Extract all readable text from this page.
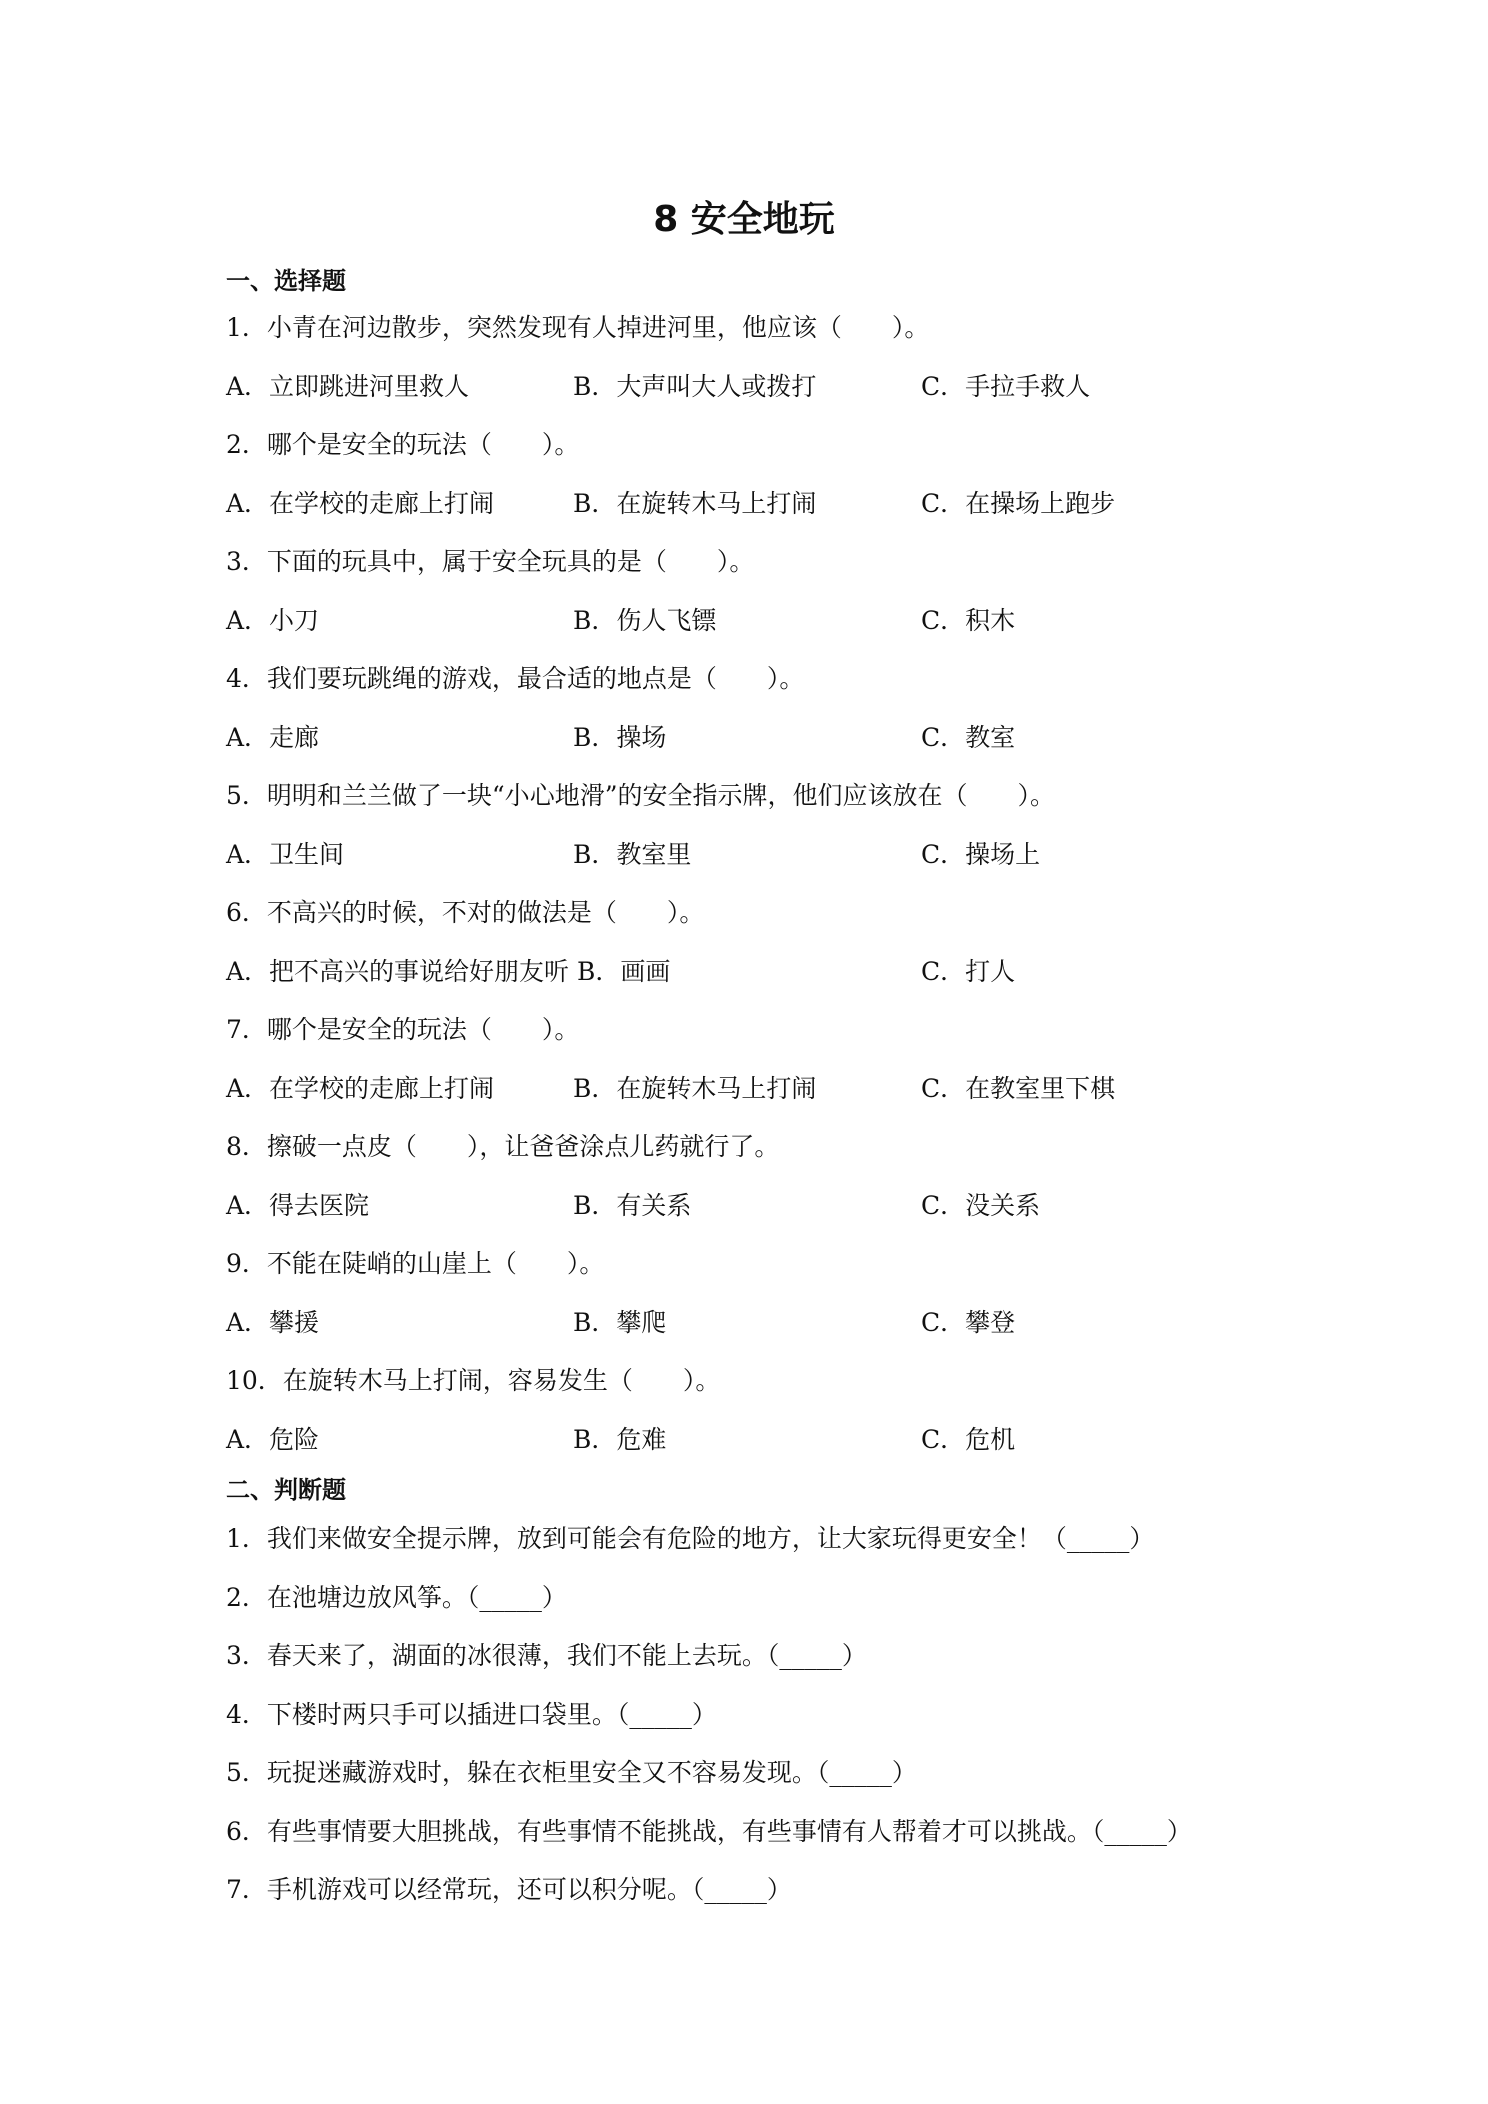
8 安全地玩
一、选择题
1．小青在河边散步，突然发现有人掉进河里，他应该（　　）。
A．立即跳进河里救人	B．大声叫大人或拨打	C．手拉手救人
2．哪个是安全的玩法（　　）。
A．在学校的走廊上打闹	B．在旋转木马上打闹	C．在操场上跑步
3．下面的玩具中，属于安全玩具的是（　　）。
A．小刀	B．伤人飞镖	C．积木
4．我们要玩跳绳的游戏，最合适的地点是（　　）。
A．走廊	B．操场	C．教室
5．明明和兰兰做了一块“小心地滑”的安全指示牌，他们应该放在（　　）。
A．卫生间	B．教室里	C．操场上
6．不高兴的时候，不对的做法是（　　）。
A．把不高兴的事说给好朋友听 B．画画	C．打人
7．哪个是安全的玩法（　　）。
A．在学校的走廊上打闹	B．在旋转木马上打闹	C．在教室里下棋
8．擦破一点皮（　　），让爸爸涂点儿药就行了。
A．得去医院	B．有关系	C．没关系
9．不能在陡峭的山崖上（　　）。
A．攀援	B．攀爬	C．攀登
10．在旋转木马上打闹，容易发生（　　）。
A．危险	B．危难	C．危机
二、判断题
1．我们来做安全提示牌，放到可能会有危险的地方，让大家玩得更安全！（_____）
2．在池塘边放风筝。（_____）
3．春天来了，湖面的冰很薄，我们不能上去玩。（_____）
4．下楼时两只手可以插进口袋里。（_____）
5．玩捉迷藏游戏时，躲在衣柜里安全又不容易发现。（_____）
6．有些事情要大胆挑战，有些事情不能挑战，有些事情有人帮着才可以挑战。（_____）
7．手机游戏可以经常玩，还可以积分呢。（_____）
